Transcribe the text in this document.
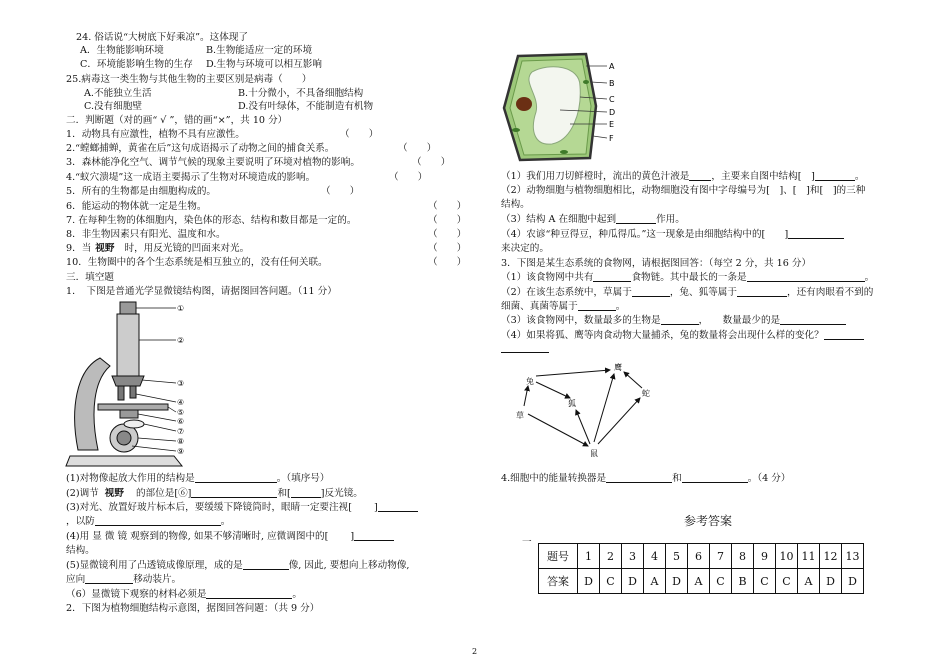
24. 俗话说“大树底下好乘凉”。这体现了
A．生物能影响环境	B.生物能适应一定的环境
C．环境能影响生物的生存 D.生物与环境可以相互影响
25.病毒这一类生物与其他生物的主要区别是病毒（　　）
A.不能独立生活	B.十分微小，不具备细胞结构
C.没有细胞壁	D.没有叶绿体，不能制造有机物
二．判断题（对的画“ √ ”，错的画“×”，共 10 分）
1．动物具有应激性，植物不具有应激性。	（　　）
2.“螳螂捕蝉，黄雀在后”这句成语揭示了动物之间的捕食关系。	（　　）
3．森林能净化空气、调节气候的现象主要说明了环境对植物的影响。	（　　）
4.“蚁穴溃堤”这一成语主要揭示了生物对环境造成的影响。	（　　）
5．所有的生物都是由细胞构成的。	（　　）
6．能运动的物体就一定是生物。	（　　）
7. 在每种生物的体细胞内，染色体的形态、结构和数目都是一定的。	（　　）
8．非生物因素只有阳光、温度和水。	（　　）
9．当 视野 时，用反光镜的凹面来对光。	（　　）
10．生物圈中的各个生态系统是相互独立的，没有任何关联。	（　　）
三．填空题
1．　下图是普通光学显微镜结构图，请据图回答问题。（11 分）
①
②
③
④
⑤
⑥
⑦
⑧
⑨
(1)对物像起放大作用的结构是	。（填序号）
(2)调节 视野 的部位是[⑥]	和[	]反光镜。
(3)对光、放置好玻片标本后，要缓缓下降镜筒时，眼睛一定要注视[ ]
，以防	。
(4)用 显 微 镜 观察到的物像, 如果不够清晰时, 应微调图中的[ ]
结构。
(5)显微镜利用了凸透镜成像原理，成的是	像, 因此, 要想向上移动物像,
应向	移动装片。
（6）显微镜下观察的材料必须是	。
2．下图为植物细胞结构示意图，据图回答问题：（共 9 分）
A
B
C
D
E
F
（1）我们用刀切鲜橙时，流出的黄色汁液是 ，主要来自图中结构[　]	。
（2）动物细胞与植物细胞相比，动物细胞没有图中字母编号为[　]、[　]和[　]的三种
结构。
（3）结构 A 在细胞中起到	作用。
（4）农谚“种豆得豆，种瓜得瓜。”这一现象是由细胞结构中的[　　]
来决定的。
3．下图是某生态系统的食物网，请根据图回答：（每空 2 分，共 16 分）
（1）该食物网中共有	食物链。其中最长的一条是	。
（2）在该生态系统中，草属于	，兔、狐等属于	，还有肉眼看不到的
细菌、真菌等属于	。
（3）该食物网中，数量最多的生物是	，　　数量最少的是
（4）如果将狐、鹰等肉食动物大量捕杀，兔的数量将会出现什么样的变化？
草
兔
狐
鹰
蛇
鼠
4.细胞中的能量转换器是	和	。（4 分）
参考答案
一
题号	1	2	3	4	5	6	7	8	9	10	11	12	13
答案	D	C	D	A	D	A	C	B	C	C	A	D	D
2
